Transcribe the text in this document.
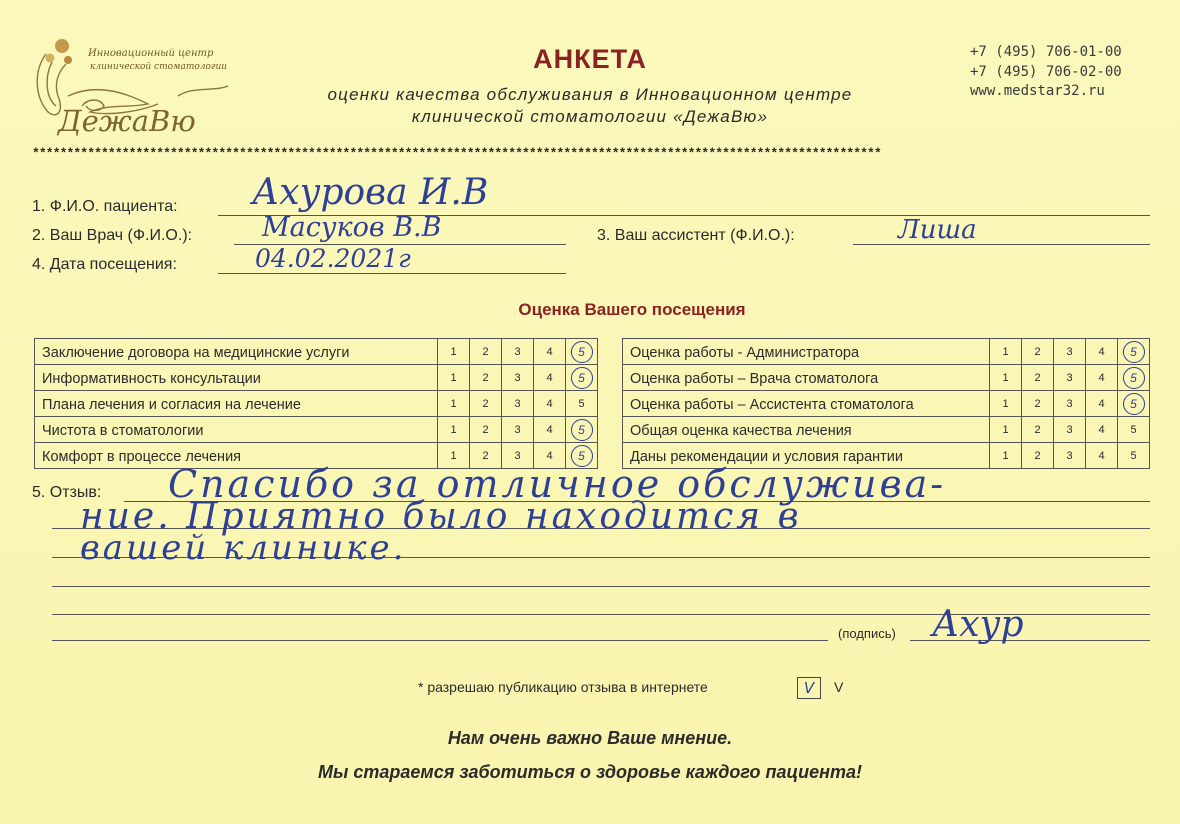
Инновационный центр
клинической стоматологии
ДежаВю
АНКЕТА
оценки качества обслуживания в Инновационном центре
клинической стоматологии «ДежаВю»
+7 (495) 706-01-00
+7 (495) 706-02-00
www.medstar32.ru
***************************************************************************************************************************
1. Ф.И.О. пациента: Ахурова И.В
2. Ваш Врач (Ф.И.О.):	Масуков В.В	3. Ваш ассистент (Ф.И.О.):	Лиша
4. Дата посещения:	04.02.2021г
Оценка Вашего посещения
Заключение договора на медицинские услуги	1	2	3	4	5
Информативность консультации	1	2	3	4	5
Плана лечения и согласия на лечение	1	2	3	4	5
Чистота в стоматологии	1	2	3	4	5
Комфорт в процессе лечения	1	2	3	4	5
Оценка работы - Администратора	1	2	3	4	5
Оценка работы – Врача стоматолога	1	2	3	4	5
Оценка работы – Ассистента стоматолога	1	2	3	4	5
Общая оценка качества лечения	1	2	3	4	5
Даны рекомендации и условия гарантии	1	2	3	4	5
5. Отзыв: Спасибо за отличное обслужива-
ние. Приятно было находится в
вашей клинике.
(подпись) Ахур
* разрешаю публикацию отзыва в интернете	V	V
Нам очень важно Ваше мнение.
Мы стараемся заботиться о здоровье каждого пациента!
